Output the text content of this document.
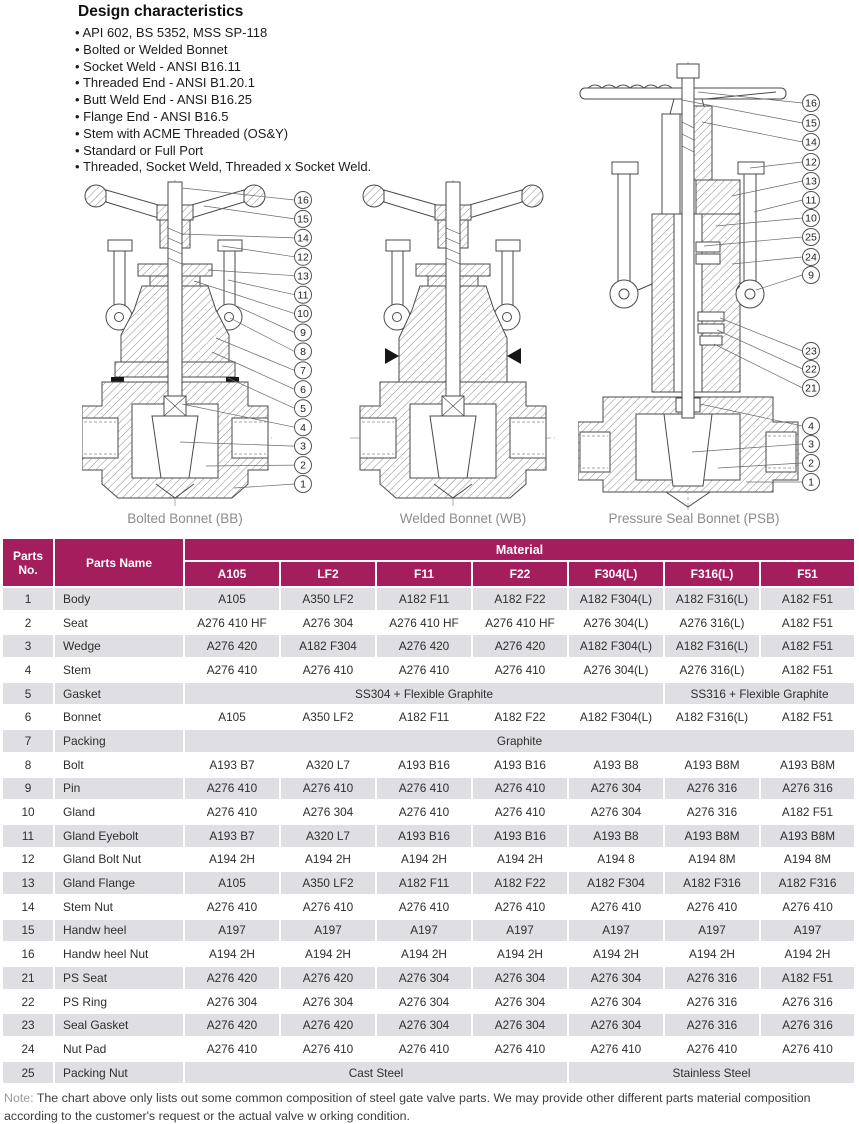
Design characteristics
• API 602, BS 5352, MSS SP-118
• Bolted or Welded Bonnet
• Socket Weld - ANSI B16.11
• Threaded End - ANSI B1.20.1
• Butt Weld End - ANSI B16.25
• Flange End - ANSI B16.5
• Stem with ACME Threaded (OS&Y)
• Standard or Full Port
• Threaded, Socket Weld, Threaded x Socket Weld.
16
15
14
12
13
11
10
9
8
7
6
5
4
3
2
1
16
15
14
12
13
11
10
25
24
9
23
22
21
4
3
2
1
Bolted Bonnet (BB)	Welded Bonnet (WB)	Pressure Seal Bonnet (PSB)
Parts No.	Parts Name	Material						
		A105	LF2	F11	F22	F304(L)	F316(L)	F51
1	Body	A105	A350 LF2	A182 F11	A182 F22	A182 F304(L)	A182 F316(L)	A182 F51
2	Seat	A276 410 HF	A276 304	A276 410 HF	A276 410 HF	A276 304(L)	A276 316(L)	A182 F51
3	Wedge	A276 420	A182 F304	A276 420	A276 420	A182 F304(L)	A182 F316(L)	A182 F51
4	Stem	A276 410	A276 410	A276 410	A276 410	A276 304(L)	A276 316(L)	A182 F51
5	Gasket	SS304 + Flexible Graphite					SS316 + Flexible Graphite	
6	Bonnet	A105	A350 LF2	A182 F11	A182 F22	A182 F304(L)	A182 F316(L)	A182 F51
7	Packing	Graphite						
8	Bolt	A193 B7	A320 L7	A193 B16	A193 B16	A193 B8	A193 B8M	A193 B8M
9	Pin	A276 410	A276 410	A276 410	A276 410	A276 304	A276 316	A276 316
10	Gland	A276 410	A276 304	A276 410	A276 410	A276 304	A276 316	A182 F51
11	Gland Eyebolt	A193 B7	A320 L7	A193 B16	A193 B16	A193 B8	A193 B8M	A193 B8M
12	Gland Bolt Nut	A194 2H	A194 2H	A194 2H	A194 2H	A194 8	A194 8M	A194 8M
13	Gland Flange	A105	A350 LF2	A182 F11	A182 F22	A182 F304	A182 F316	A182 F316
14	Stem Nut	A276 410	A276 410	A276 410	A276 410	A276 410	A276 410	A276 410
15	Handw heel	A197	A197	A197	A197	A197	A197	A197
16	Handw heel Nut	A194 2H	A194 2H	A194 2H	A194 2H	A194 2H	A194 2H	A194 2H
21	PS Seat	A276 420	A276 420	A276 304	A276 304	A276 304	A276 316	A182 F51
22	PS Ring	A276 304	A276 304	A276 304	A276 304	A276 304	A276 316	A276 316
23	Seal Gasket	A276 420	A276 420	A276 304	A276 304	A276 304	A276 316	A276 316
24	Nut Pad	A276 410	A276 410	A276 410	A276 410	A276 410	A276 410	A276 410
25	Packing Nut	Cast Steel				Stainless Steel		
Note: The chart above only lists out some common composition of steel gate valve parts. We may provide other different parts material composition according to the customer's request or the actual valve w orking condition.
